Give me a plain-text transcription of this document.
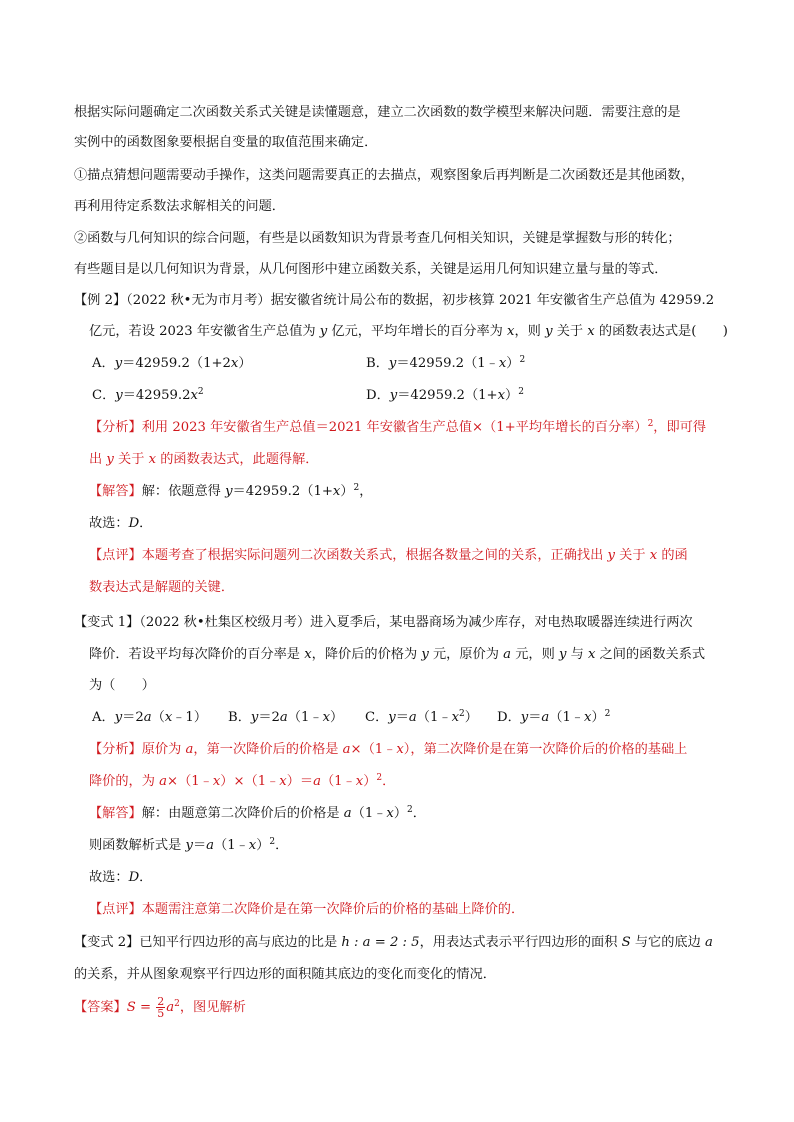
根据实际问题确定二次函数关系式关键是读懂题意，建立二次函数的数学模型来解决问题．需要注意的是
实例中的函数图象要根据自变量的取值范围来确定．
①描点猜想问题需要动手操作，这类问题需要真正的去描点，观察图象后再判断是二次函数还是其他函数，
再利用待定系数法求解相关的问题．
②函数与几何知识的综合问题，有些是以函数知识为背景考查几何相关知识，关键是掌握数与形的转化；
有些题目是以几何知识为背景，从几何图形中建立函数关系，关键是运用几何知识建立量与量的等式．
【例 2】（2022 秋•无为市月考）据安徽省统计局公布的数据，初步核算 2021 年安徽省生产总值为 42959.2
亿元，若设 2023 年安徽省生产总值为 y 亿元，平均年增长的百分率为 x，则 y 关于 x 的函数表达式是(　　)
A．y＝42959.2（1+2x）	B．y＝42959.2（1﹣x）$^2$
C．$y=42959.2x^2$	D．$y=42959.2(1+x)^2$
【分析】利用 2023 年安徽省生产总值＝2021 年安徽省生产总值×（1+平均年增长的百分率）$^2$，即可得
出 y 关于 x 的函数表达式，此题得解．
【解答】解：依题意得 $y=42959.2(1+x)^2$，
故选：D．
【点评】本题考查了根据实际问题列二次函数关系式，根据各数量之间的关系，正确找出 y 关于 x 的函
数表达式是解题的关键．
【变式 1】（2022 秋•杜集区校级月考）进入夏季后，某电器商场为减少库存，对电热取暖器连续进行两次
降价．若设平均每次降价的百分率是 x，降价后的价格为 y 元，原价为 a 元，则 y 与 x 之间的函数关系式
为（　　）
A．y＝2a（x﹣1） B．y＝2a（1﹣x） C．$y=a(1﹣x^2)$ D．y＝a（1﹣x）$^2$
【分析】原价为 a，第一次降价后的价格是 a×（1﹣x），第二次降价是在第一次降价后的价格的基础上
降价的，为 a×（1﹣x）×（1﹣x）＝a（1﹣x）$^2$．
【解答】解：由题意第二次降价后的价格是 a（1﹣x）$^2$．
则函数解析式是 y＝a（1﹣x）$^2$．
故选：D．
【点评】本题需注意第二次降价是在第一次降价后的价格的基础上降价的．
【变式 2】已知平行四边形的高与底边的比是 h : a = 2 : 5，用表达式表示平行四边形的面积 S 与它的底边 a
的关系，并从图象观察平行四边形的面积随其底边的变化而变化的情况．
【答案】$S = \frac{2}{5} a^2$，图见解析
